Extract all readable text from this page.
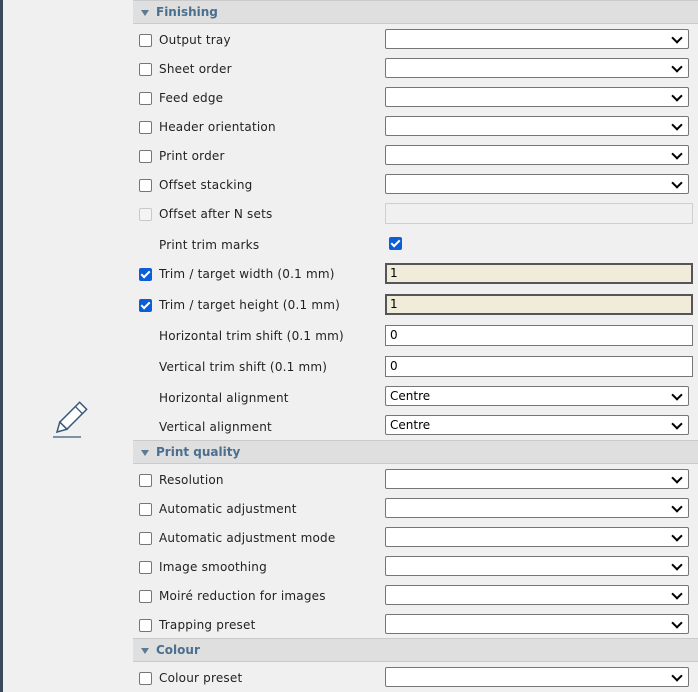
Finishing
Output tray
Sheet order
Feed edge
Header orientation
Print order
Offset stacking
Offset after N sets
Print trim marks
Trim / target width (0.1 mm)	1
Trim / target height (0.1 mm)	1
Horizontal trim shift (0.1 mm)	0
Vertical trim shift (0.1 mm)	0
Horizontal alignment	Centre
Vertical alignment	Centre
Print quality
Resolution
Automatic adjustment
Automatic adjustment mode
Image smoothing
Moiré reduction for images
Trapping preset
Colour
Colour preset
